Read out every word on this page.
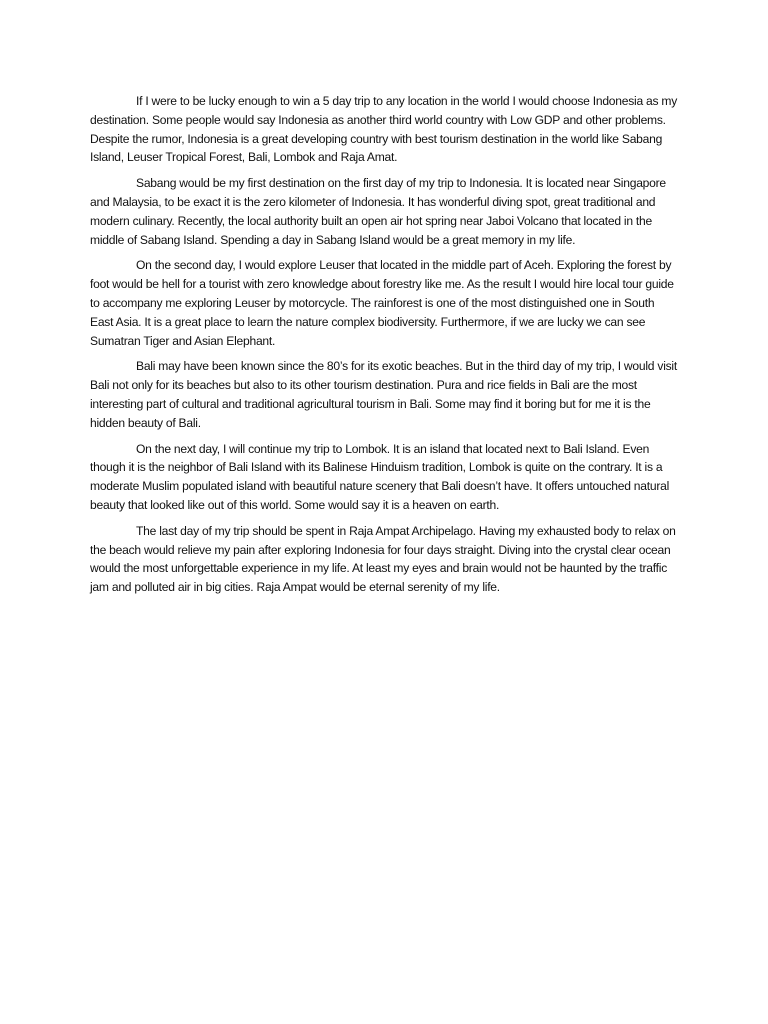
If I were to be lucky enough to win a 5 day trip to any location in the world I would choose Indonesia as my destination. Some people would say Indonesia as another third world country with Low GDP and other problems. Despite the rumor, Indonesia is a great developing country with best tourism destination in the world like Sabang Island, Leuser Tropical Forest, Bali, Lombok and Raja Amat.

Sabang would be my first destination on the first day of my trip to Indonesia. It is located near Singapore and Malaysia, to be exact it is the zero kilometer of Indonesia. It has wonderful diving spot, great traditional and modern culinary. Recently, the local authority built an open air hot spring near Jaboi Volcano that located in the middle of Sabang Island. Spending a day in Sabang Island would be a great memory in my life.

On the second day, I would explore Leuser that located in the middle part of Aceh. Exploring the forest by foot would be hell for a tourist with zero knowledge about forestry like me. As the result I would hire local tour guide to accompany me exploring Leuser by motorcycle. The rainforest is one of the most distinguished one in South East Asia. It is a great place to learn the nature complex biodiversity. Furthermore, if we are lucky we can see Sumatran Tiger and Asian Elephant.

Bali may have been known since the 80’s for its exotic beaches. But in the third day of my trip, I would visit Bali not only for its beaches but also to its other tourism destination. Pura and rice fields in Bali are the most interesting part of cultural and traditional agricultural tourism in Bali. Some may find it boring but for me it is the hidden beauty of Bali.

On the next day, I will continue my trip to Lombok. It is an island that located next to Bali Island. Even though it is the neighbor of Bali Island with its Balinese Hinduism tradition, Lombok is quite on the contrary. It is a moderate Muslim populated island with beautiful nature scenery that Bali doesn’t have. It offers untouched natural beauty that looked like out of this world. Some would say it is a heaven on earth.

The last day of my trip should be spent in Raja Ampat Archipelago. Having my exhausted body to relax on the beach would relieve my pain after exploring Indonesia for four days straight. Diving into the crystal clear ocean would the most unforgettable experience in my life. At least my eyes and brain would not be haunted by the traffic jam and polluted air in big cities. Raja Ampat would be eternal serenity of my life.
